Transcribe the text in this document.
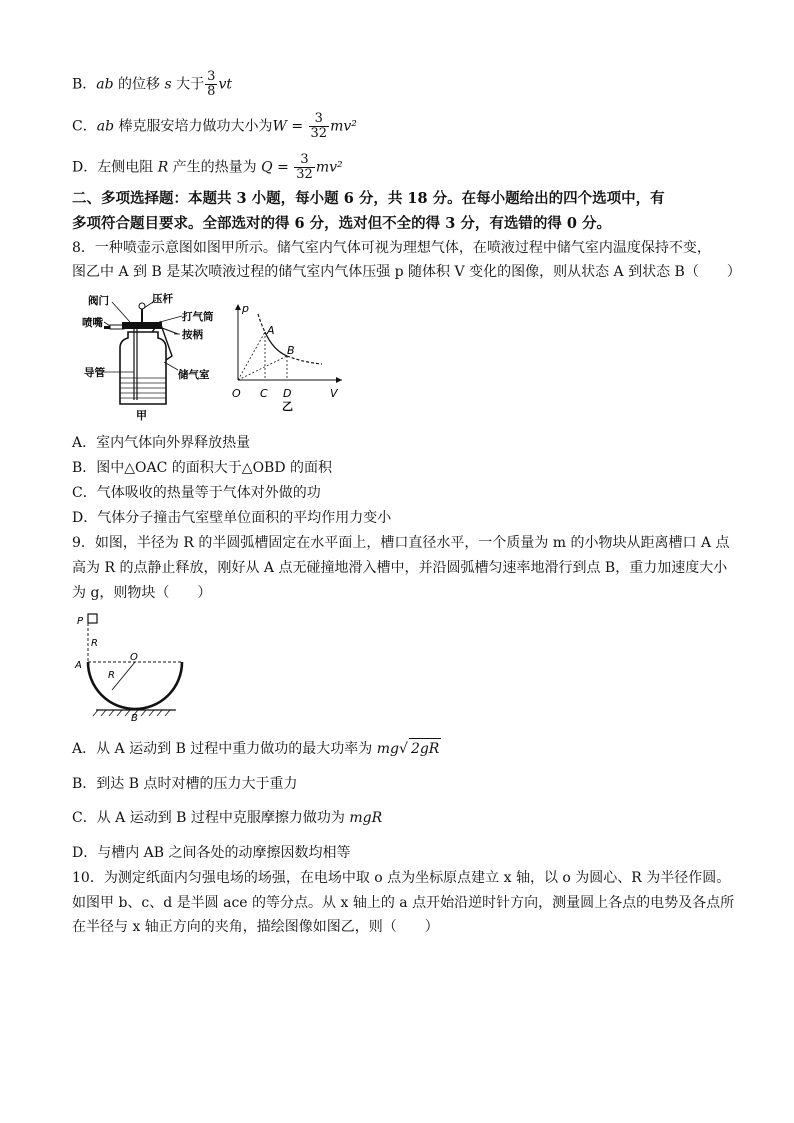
B．ab 的位移 s 大于 $\frac{3}{8}$ vt
C．ab 棒克服安培力做功大小为$W = \frac{3}{32} mv^2$
D．左侧电阻 R 产生的热量为 $Q = \frac{3}{32} mv^2$
二、多项选择题：本题共 3 小题，每小题 6 分，共 18 分。在每小题给出的四个选项中，有
多项符合题目要求。全部选对的得 6 分，选对但不全的得 3 分，有选错的得 0 分。
8．一种喷壶示意图如图甲所示。储气室内气体可视为理想气体，在喷液过程中储气室内温度保持不变，
图乙中 A 到 B 是某次喷液过程的储气室内气体压强 p 随体积 V 变化的图像，则从状态 A 到状态 B（　　）
阀门	压杆
喷嘴	打气筒
按柄
导管	储气室
甲
p
A
B
O C D	V
乙
A．室内气体向外界释放热量
B．图中△OAC 的面积大于△OBD 的面积
C．气体吸收的热量等于气体对外做的功
D．气体分子撞击气室壁单位面积的平均作用力变小
9．如图，半径为 R 的半圆弧槽固定在水平面上，槽口直径水平，一个质量为 m 的小物块从距离槽口 A 点
高为 R 的点静止释放，刚好从 A 点无碰撞地滑入槽中，并沿圆弧槽匀速率地滑行到点 B，重力加速度大小
为 g，则物块（　　）
P
R
A
O
R
B
A．从 A 运动到 B 过程中重力做功的最大功率为 mg√ 2gR
B．到达 B 点时对槽的压力大于重力
C．从 A 运动到 B 过程中克服摩擦力做功为 mgR
D．与槽内 AB 之间各处的动摩擦因数均相等
10．为测定纸面内匀强电场的场强，在电场中取 o 点为坐标原点建立 x 轴，以 o 为圆心、R 为半径作圆。
如图甲 b、c、d 是半圆 ace 的等分点。从 x 轴上的 a 点开始沿逆时针方向，测量圆上各点的电势及各点所
在半径与 x 轴正方向的夹角，描绘图像如图乙，则（　　）
